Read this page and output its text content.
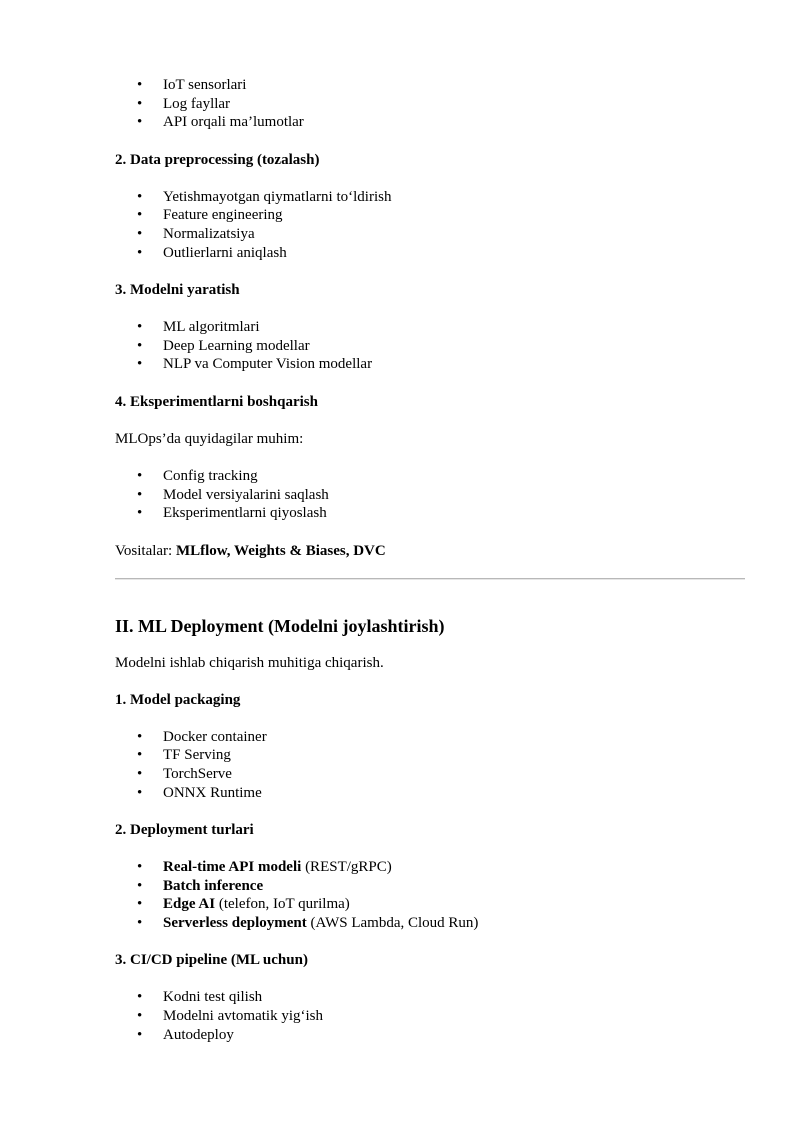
• IoT sensorlari
• Log fayllar
• API orqali ma’lumotlar
2. Data preprocessing (tozalash)
• Yetishmayotgan qiymatlarni to‘ldirish
• Feature engineering
• Normalizatsiya
• Outlierlarni aniqlash
3. Modelni yaratish
• ML algoritmlari
• Deep Learning modellar
• NLP va Computer Vision modellar
4. Eksperimentlarni boshqarish
MLOps’da quyidagilar muhim:
• Config tracking
• Model versiyalarini saqlash
• Eksperimentlarni qiyoslash
Vositalar: MLflow, Weights & Biases, DVC
II. ML Deployment (Modelni joylashtirish)
Modelni ishlab chiqarish muhitiga chiqarish.
1. Model packaging
• Docker container
• TF Serving
• TorchServe
• ONNX Runtime
2. Deployment turlari
• Real-time API modeli (REST/gRPC)
• Batch inference
• Edge AI (telefon, IoT qurilma)
• Serverless deployment (AWS Lambda, Cloud Run)
3. CI/CD pipeline (ML uchun)
• Kodni test qilish
• Modelni avtomatik yig‘ish
• Autodeploy
